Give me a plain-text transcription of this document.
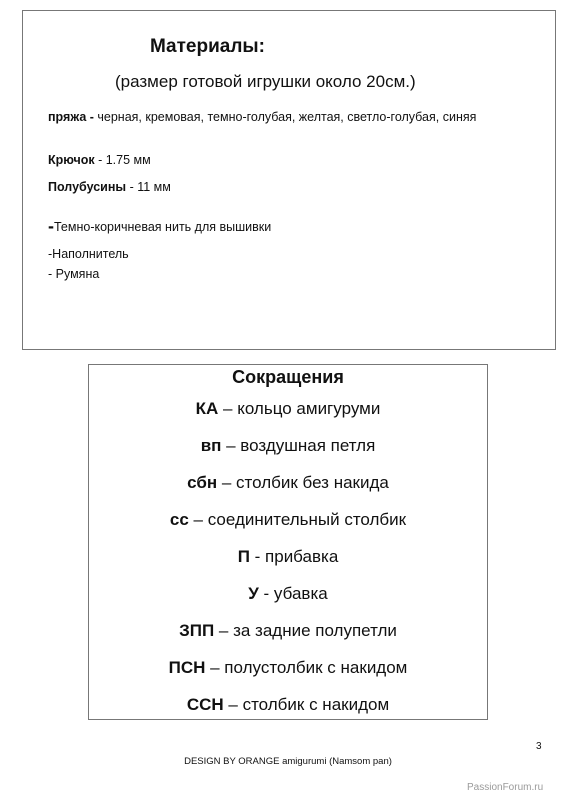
Материалы:
(размер готовой игрушки около 20см.)
пряжа - черная, кремовая, темно-голубая, желтая, светло-голубая, синяя
Крючок - 1.75 мм
Полубусины - 11 мм
-Темно-коричневая нить для вышивки
-Наполнитель
- Румяна
Сокращения
КА – кольцо амигуруми
вп – воздушная петля
сбн – столбик без накида
сс – соединительный столбик
П - прибавка
У - убавка
ЗПП – за задние полупетли
ПСН – полустолбик с накидом
ССН – столбик с накидом
3
DESIGN BY ORANGE amigurumi (Namsom pan)
PassionForum.ru
